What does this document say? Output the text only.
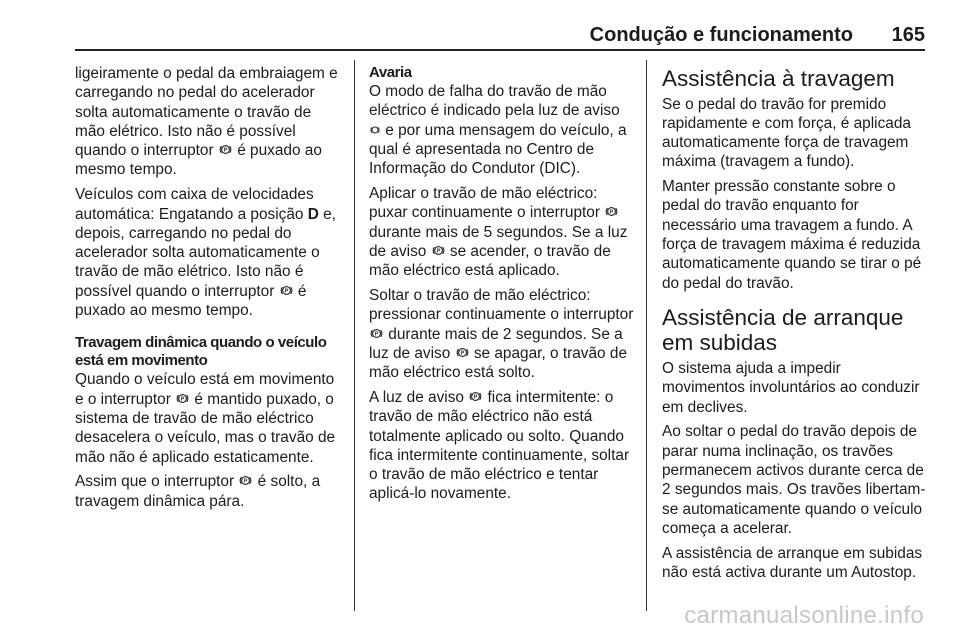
Condução e funcionamento 165

ligeiramente o pedal da embraiagem e carregando no pedal do acelerador solta automaticamente o travão de mão elétrico. Isto não é possível quando o interruptor P é puxado ao mesmo tempo.

Veículos com caixa de velocidades automática: Engatando a posição D e, depois, carregando no pedal do acelerador solta automaticamente o travão de mão elétrico. Isto não é possível quando o interruptor P é puxado ao mesmo tempo.

Travagem dinâmica quando o veículo está em movimento

Quando o veículo está em movimento e o interruptor P é mantido puxado, o sistema de travão de mão eléctrico desacelera o veículo, mas o travão de mão não é aplicado estaticamente.

Assim que o interruptor P é solto, a travagem dinâmica pára.

Avaria

O modo de falha do travão de mão eléctrico é indicado pela luz de aviso  e por uma mensagem do veículo, a qual é apresentada no Centro de Informação do Condutor (DIC).

Aplicar o travão de mão eléctrico: puxar continuamente o interruptor P
durante mais de 5 segundos. Se a luz de aviso P se acender, o travão de mão eléctrico está aplicado.

Soltar o travão de mão eléctrico: pressionar continuamente o interruptor
P durante mais de 2 segundos. Se a luz de aviso P se apagar, o travão de mão eléctrico está solto.

A luz de aviso P fica intermitente: o travão de mão eléctrico não está totalmente aplicado ou solto. Quando fica intermitente continuamente, soltar o travão de mão eléctrico e tentar aplicá-lo novamente.

Assistência à travagem

Se o pedal do travão for premido rapidamente e com força, é aplicada automaticamente força de travagem máxima (travagem a fundo).

Manter pressão constante sobre o pedal do travão enquanto for necessário uma travagem a fundo. A força de travagem máxima é reduzida automaticamente quando se tirar o pé do pedal do travão.

Assistência de arranque em subidas

O sistema ajuda a impedir movimentos involuntários ao conduzir em declives.

Ao soltar o pedal do travão depois de parar numa inclinação, os travões permanecem activos durante cerca de 2 segundos mais. Os travões libertam-se automaticamente quando o veículo começa a acelerar.

A assistência de arranque em subidas não está activa durante um Autostop.

carmanualsonline.info
